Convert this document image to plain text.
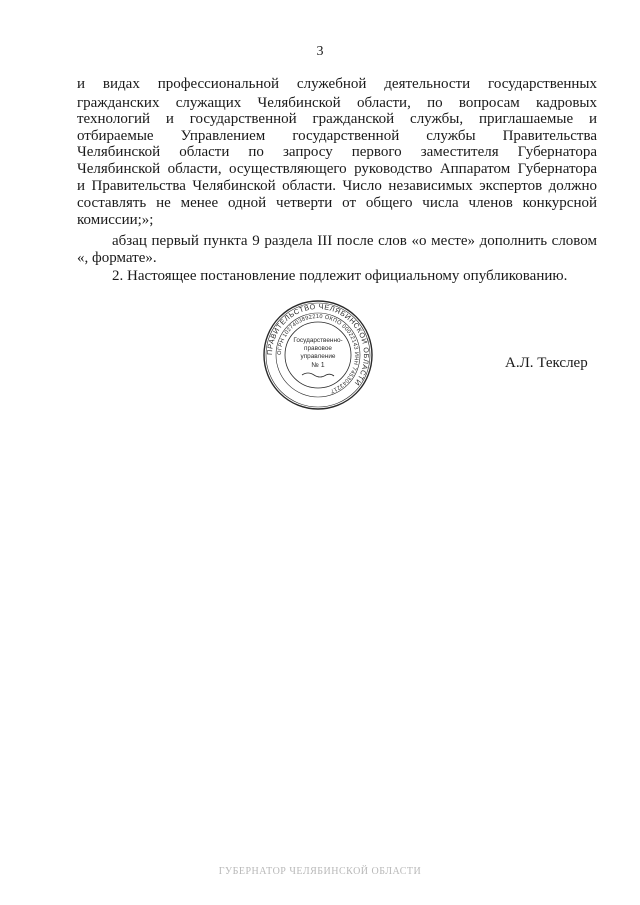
3
и видах профессиональной служебной деятельности государственных
гражданских служащих Челябинской области, по вопросам кадровых
технологий и государственной гражданской службы, приглашаемые и
отбираемые Управлением государственной службы Правительства
Челябинской области по запросу первого заместителя Губернатора
Челябинской области, осуществляющего руководство Аппаратом Губернатора
и Правительства Челябинской области. Число независимых экспертов должно
составлять не менее одной четверти от общего числа членов конкурсной
комиссии;»;
абзац первый пункта 9 раздела III после слов «о месте» дополнить словом
«, формате».
2. Настоящее постановление подлежит официальному опубликованию.
ПРАВИТЕЛЬСТВО ЧЕЛЯБИНСКОЙ ОБЛАСТИ
ОГРН 1027403892210 ОКПО 00022143 ИНН 7453043217
Государственно-
правовое
управление
№ 1	А.Л. Текслер
ГУБЕРНАТОР ЧЕЛЯБИНСКОЙ ОБЛАСТИ
